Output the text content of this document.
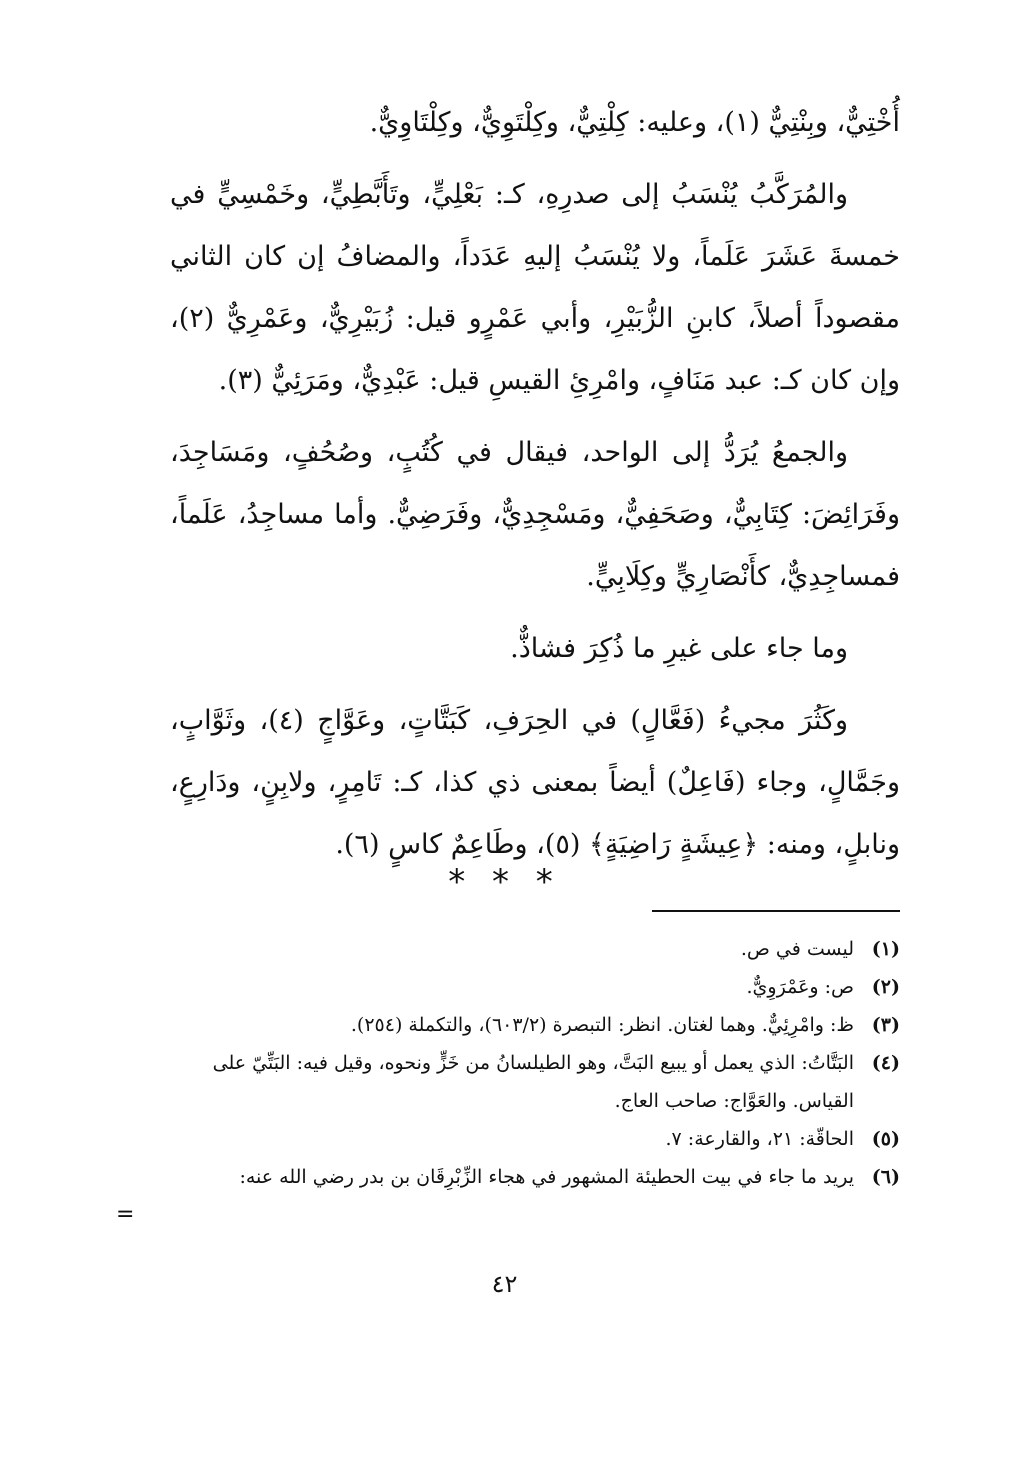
أُخْتِيٌّ، وبِنْتِيٌّ (١)، وعليه: كِلْتِيٌّ، وكِلْتَوِيٌّ، وكِلْتَاوِيٌّ.

والمُرَكَّبُ يُنْسَبُ إلى صدرِهِ، كـ: بَعْلِيٍّ، وتَأَبَّطِيٍّ، وخَمْسِيٍّ في خمسةَ عَشَرَ عَلَماً، ولا يُنْسَبُ إليهِ عَدَداً، والمضافُ إن كان الثاني مقصوداً أصلاً، كابنِ الزُّبَيْرِ، وأبي عَمْرٍو قيل: زُبَيْرِيٌّ، وعَمْرِيٌّ (٢)، وإن كان كـ: عبد مَنَافٍ، وامْرِئِ القيسِ قيل: عَبْدِيٌّ، ومَرَئِيٌّ (٣).

والجمعُ يُرَدُّ إلى الواحد، فيقال في كُتُبٍ، وصُحُفٍ، ومَسَاجِدَ، وفَرَائِضَ: كِتَابِيٌّ، وصَحَفِيٌّ، ومَسْجِدِيٌّ، وفَرَضِيٌّ. وأما مساجِدُ، عَلَماً، فمساجِدِيٌّ، كأَنْصَارِيٍّ وكِلَابِيٍّ.

وما جاء على غيرِ ما ذُكِرَ فشاذٌّ.

وكَثُرَ مجيءُ (فَعَّالٍ) في الحِرَفِ، كَبَتَّاتٍ، وعَوَّاجٍ (٤)، وثَوَّابٍ، وجَمَّالٍ، وجاء (فَاعِلٌ) أيضاً بمعنى ذي كذا، كـ: تَامِرٍ، ولابِنٍ، ودَارِعٍ، ونابلٍ، ومنه: ﴿عِيشَةٍ رَاضِيَةٍ﴾ (٥)، وطَاعِمٌ كاسٍ (٦).

* * *
(١)
ليست في ص.
(٢)
ص: وعَمْرَوِيٌّ.
(٣)
ظ: وامْرِئِيٌّ. وهما لغتان. انظر: التبصرة (٦٠٣/٢)، والتكملة (٢٥٤).
(٤)
البَتَّاتُ: الذي يعمل أو يبيع البَتَّ، وهو الطيلسانُ من خَزٍّ ونحوه، وقيل فيه: البَتِّيّ على القياس. والعَوَّاج: صاحب العاج.
(٥)
الحاقّة: ٢١، والقارعة: ٧.
(٦)
يريد ما جاء في بيت الحطيئة المشهور في هجاء الزِّبْرِقَان بن بدر رضي الله عنه:
=
٤٢
